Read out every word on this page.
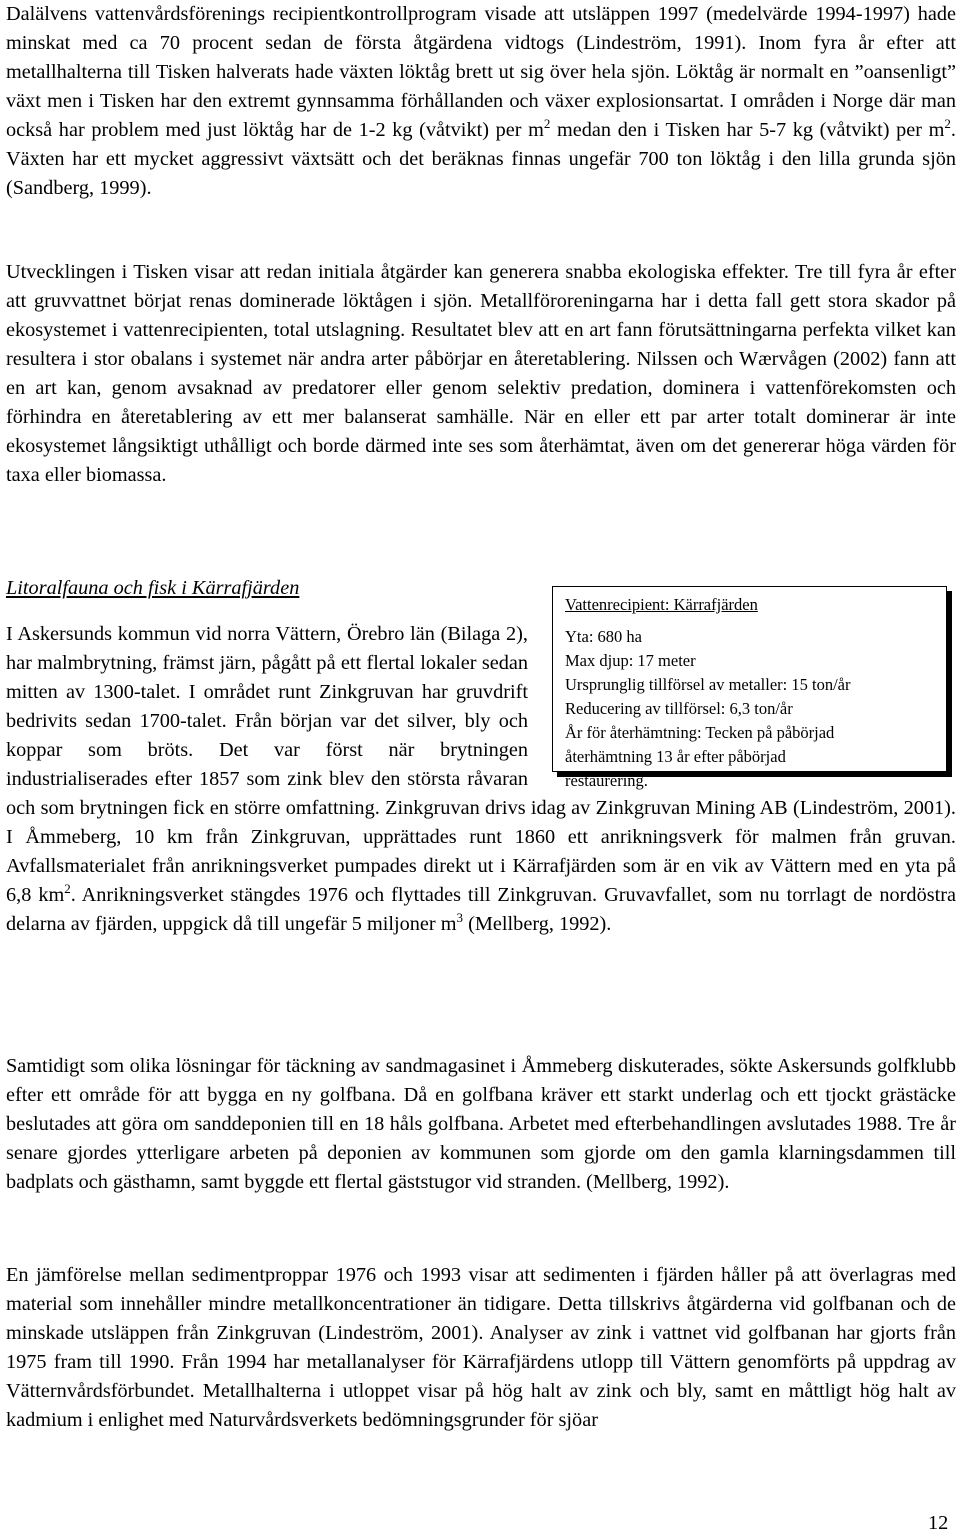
Dalälvens vattenvårdsförenings recipientkontrollprogram visade att utsläppen 1997 (medelvärde 1994-1997) hade minskat med ca 70 procent sedan de första åtgärdena vidtogs (Lindeström, 1991). Inom fyra år efter att metallhalterna till Tisken halverats hade växten löktåg brett ut sig över hela sjön. Löktåg är normalt en ”oansenligt” växt men i Tisken har den extremt gynnsamma förhållanden och växer explosionsartat. I områden i Norge där man också har problem med just löktåg har de 1-2 kg (våtvikt) per $m^2$ medan den i Tisken har 5-7 kg (våtvikt) per $m^2$. Växten har ett mycket aggressivt växtsätt och det beräknas finnas ungefär 700 ton löktåg i den lilla grunda sjön (Sandberg, 1999).
Utvecklingen i Tisken visar att redan initiala åtgärder kan generera snabba ekologiska effekter. Tre till fyra år efter att gruvvattnet börjat renas dominerade löktågen i sjön. Metallföroreningarna har i detta fall gett stora skador på ekosystemet i vattenrecipienten, total utslagning. Resultatet blev att en art fann förutsättningarna perfekta vilket kan resultera i stor obalans i systemet när andra arter påbörjar en återetablering. Nilssen och Wærvågen (2002) fann att en art kan, genom avsaknad av predatorer eller genom selektiv predation, dominera i vattenförekomsten och förhindra en återetablering av ett mer balanserat samhälle. När en eller ett par arter totalt dominerar är inte ekosystemet långsiktigt uthålligt och borde därmed inte ses som återhämtat, även om det genererar höga värden för taxa eller biomassa.
Litoralfauna och fisk i Kärrafjärden
Vattenrecipient: Kärrafjärden
Yta: 680 ha
Max djup: 17 meter
Ursprunglig tillförsel av metaller: 15 ton/år
Reducering av tillförsel: 6,3 ton/år
År för återhämtning: Tecken på påbörjad
återhämtning 13 år efter påbörjad
restaurering.

I Askersunds kommun vid norra Vättern, Örebro län (Bilaga 2), har malmbrytning, främst järn, pågått på ett flertal lokaler sedan mitten av 1300-talet. I området runt Zinkgruvan har gruvdrift bedrivits sedan 1700-talet. Från början var det silver, bly och koppar som bröts. Det var först när brytningen industrialiserades efter 1857 som zink blev den största råvaran och som brytningen fick en större omfattning. Zinkgruvan drivs idag av Zinkgruvan Mining AB (Lindeström, 2001). I Åmmeberg, 10 km från Zinkgruvan, upprättades runt 1860 ett anrikningsverk för malmen från gruvan. Avfallsmaterialet från anrikningsverket pumpades direkt ut i Kärrafjärden som är en vik av Vättern med en yta på 6,8 $km^2$. Anrikningsverket stängdes 1976 och flyttades till Zinkgruvan. Gruvavfallet, som nu torrlagt de nordöstra delarna av fjärden, uppgick då till ungefär 5 miljoner $m^3$ (Mellberg, 1992).

Samtidigt som olika lösningar för täckning av sandmagasinet i Åmmeberg diskuterades, sökte Askersunds golfklubb efter ett område för att bygga en ny golfbana. Då en golfbana kräver ett starkt underlag och ett tjockt grästäcke beslutades att göra om sanddeponien till en 18 håls golfbana. Arbetet med efterbehandlingen avslutades 1988. Tre år senare gjordes ytterligare arbeten på deponien av kommunen som gjorde om den gamla klarningsdammen till badplats och gästhamn, samt byggde ett flertal gäststugor vid stranden. (Mellberg, 1992).
En jämförelse mellan sedimentproppar 1976 och 1993 visar att sedimenten i fjärden håller på att överlagras med material som innehåller mindre metallkoncentrationer än tidigare. Detta tillskrivs åtgärderna vid golfbanan och de minskade utsläppen från Zinkgruvan (Lindeström, 2001). Analyser av zink i vattnet vid golfbanan har gjorts från 1975 fram till 1990. Från 1994 har metallanalyser för Kärrafjärdens utlopp till Vättern genomförts på uppdrag av Vätternvårdsförbundet. Metallhalterna i utloppet visar på hög halt av zink och bly, samt en måttligt hög halt av kadmium i enlighet med Naturvårdsverkets bedömningsgrunder för sjöar
12
